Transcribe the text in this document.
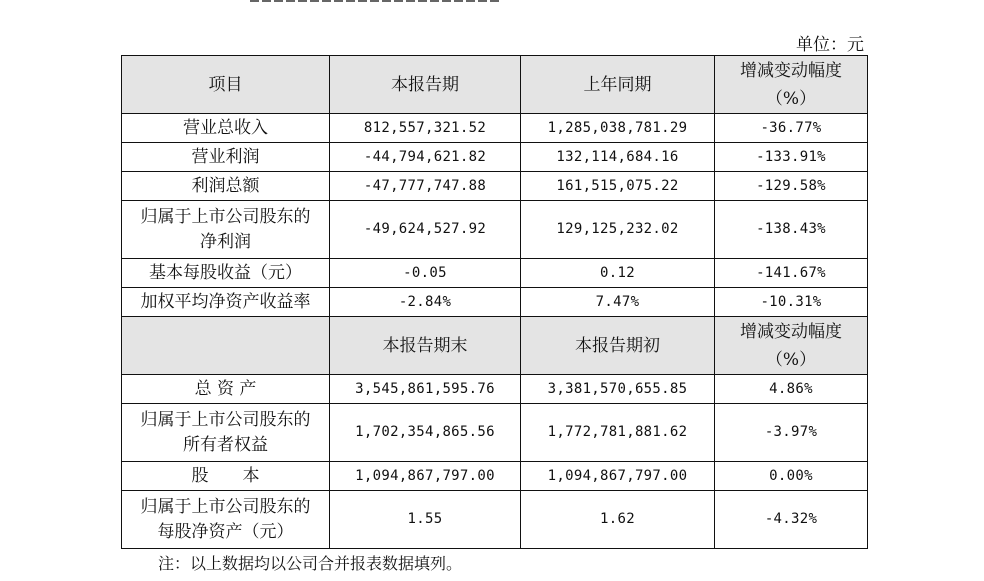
单位：元
项目	本报告期	上年同期	增减变动幅度
（%）

营业总收入	812,557,321.52	1,285,038,781.29	-36.77%
营业利润	-44,794,621.82	132,114,684.16	-133.91%
利润总额	-47,777,747.88	161,515,075.22	-129.58%

归属于上市公司股东的
净利润	-49,624,527.92	129,125,232.02	-138.43%
基本每股收益（元）	-0.05	0.12	-141.67%
加权平均净资产收益率	-2.84%	7.47%	-10.31%
	本报告期末	本报告期初	增减变动幅度
（%）

总 资 产	3,545,861,595.76	3,381,570,655.85	4.86%

归属于上市公司股东的
所有者权益	1,702,354,865.56	1,772,781,881.62	-3.97%
股　　本	1,094,867,797.00	1,094,867,797.00	0.00%

归属于上市公司股东的
每股净资产（元）	1.55	1.62	-4.32%
注：以上数据均以公司合并报表数据填列。
